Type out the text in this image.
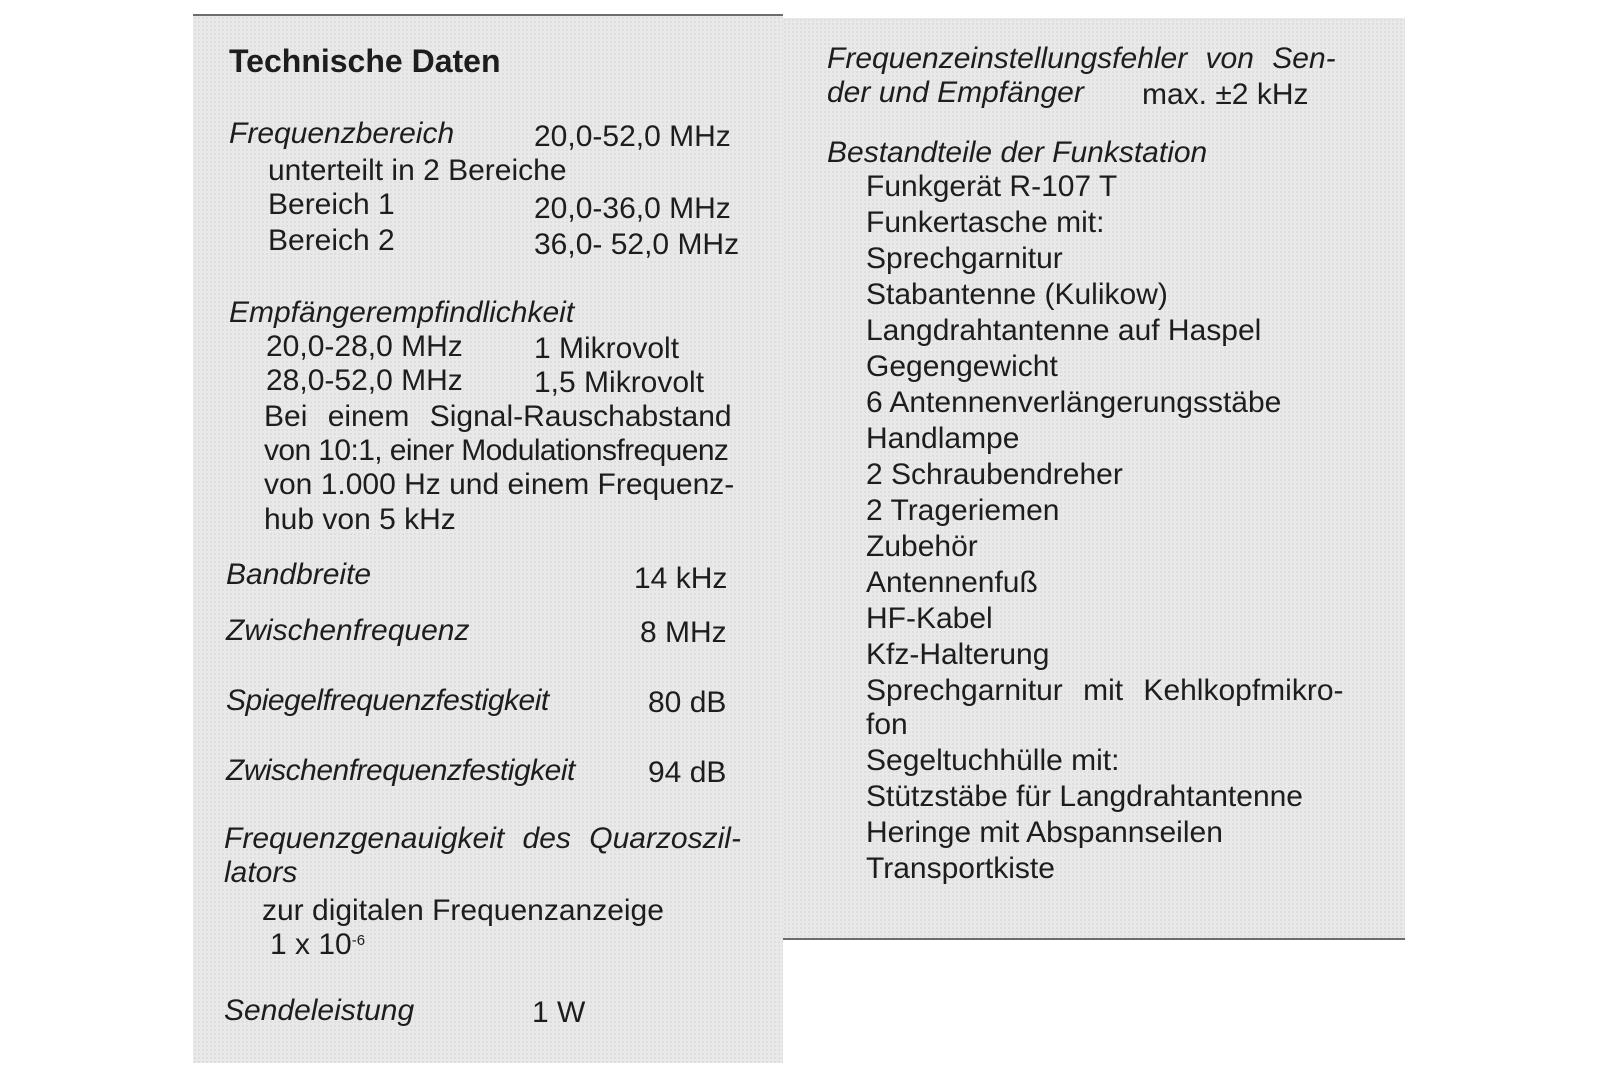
Technische Daten
Frequenzbereich	20,0-52,0 MHz
unterteilt in 2 Bereiche
Bereich 1	20,0-36,0 MHz
Bereich 2	36,0- 52,0 MHz
Empfängerempfindlichkeit
20,0-28,0 MHz 1 Mikrovolt
28,0-52,0 MHz 1,5 Mikrovolt
Bei einem Signal-Rauschabstand
von 10:1, einer Modulationsfrequenz
von 1.000 Hz und einem Frequenz-
hub von 5 kHz
Bandbreite	14 kHz
Zwischenfrequenz	8 MHz
Spiegelfrequenzfestigkeit	80 dB
Zwischenfrequenzfestigkeit 94 dB
Frequenzgenauigkeit des Quarzoszil-
lators
zur digitalen Frequenzanzeige
1 x $10^{-6}$
Sendeleistung	1 W
Frequenzeinstellungsfehler von Sen-
der und Empfänger max. ±2 kHz
Bestandteile der Funkstation
Funkgerät R-107 T
Funkertasche mit:
Sprechgarnitur
Stabantenne (Kulikow)
Langdrahtantenne auf Haspel
Gegengewicht
6 Antennenverlängerungsstäbe
Handlampe
2 Schraubendreher
2 Trageriemen
Zubehör
Antennenfuß
HF-Kabel
Kfz-Halterung
Sprechgarnitur mit Kehlkopfmikro-
fon
Segeltuchhülle mit:
Stützstäbe für Langdrahtantenne
Heringe mit Abspannseilen
Transportkiste
